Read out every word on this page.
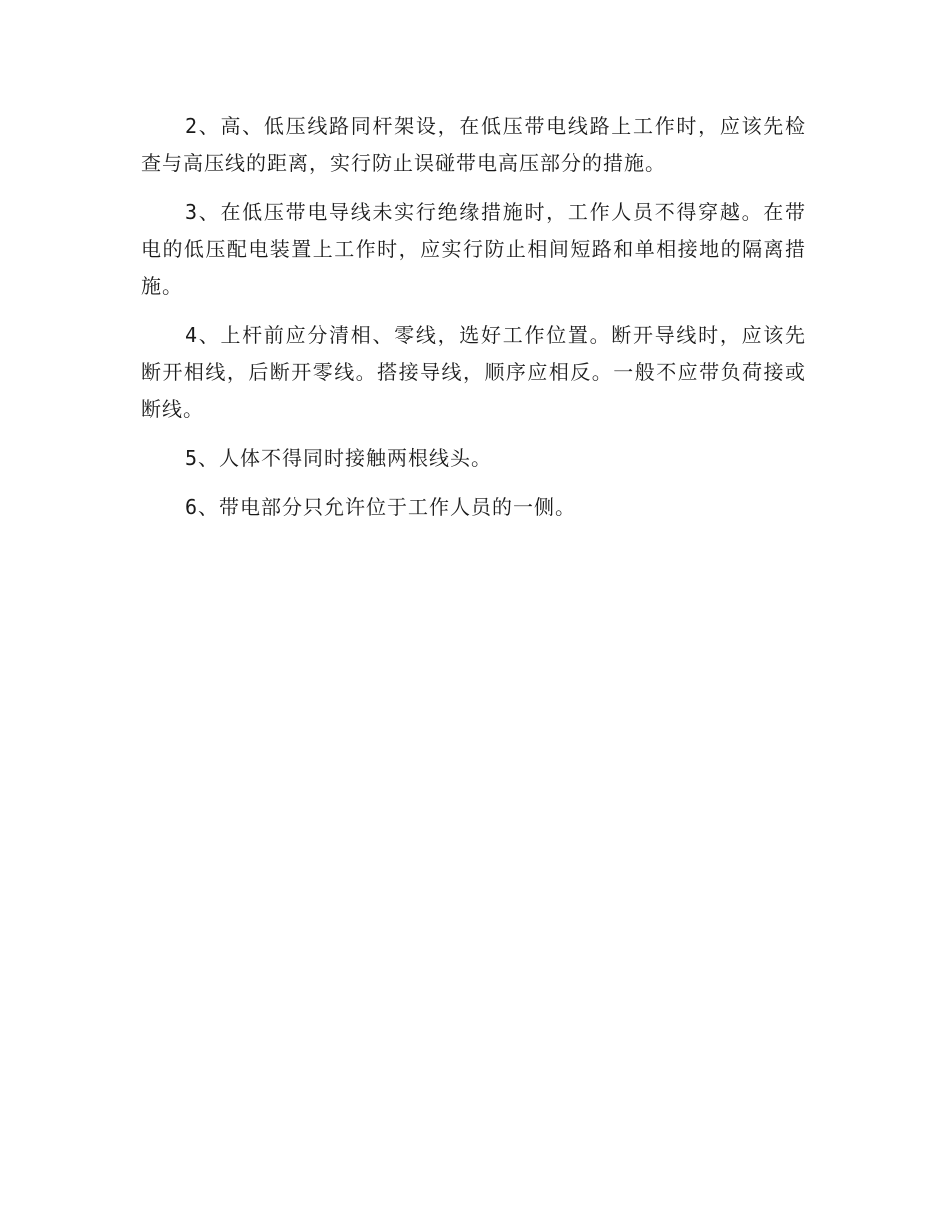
2、高、低压线路同杆架设，在低压带电线路上工作时，应该先检查与高压线的距离，实行防止误碰带电高压部分的措施。

3、在低压带电导线未实行绝缘措施时，工作人员不得穿越。在带电的低压配电装置上工作时，应实行防止相间短路和单相接地的隔离措施。

4、上杆前应分清相、零线，选好工作位置。断开导线时，应该先断开相线，后断开零线。搭接导线，顺序应相反。一般不应带负荷接或断线。

5、人体不得同时接触两根线头。

6、带电部分只允许位于工作人员的一侧。
